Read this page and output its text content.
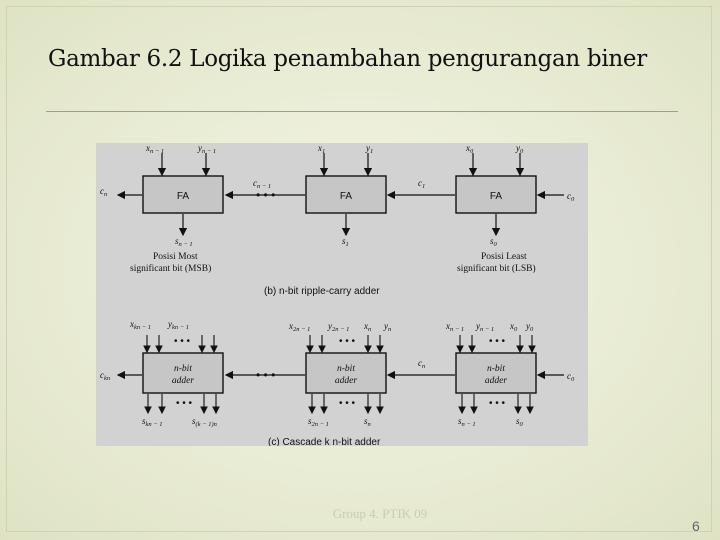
Gambar 6.2 Logika penambahan pengurangan biner
FA	FA	FA
$x_{n - 1}$	$y_{n - 1}$	$x_1$	$y_1$	$x_0$	$y_0$
$c_n$
$c_{n - 1}$
• • •
$c_1$
$c_0$
$s_{n - 1}$	$s_1$	$s_0$
Posisi Most
significant bit (MSB)
Posisi Least
significant bit (LSB)
(b) n-bit ripple-carry adder
n-bit
adder
n-bit
adder
n-bit
adder
$x_{kn - 1}$ $y_{kn - 1}$	$x_{2n - 1}$ $y_{2n - 1}$ $x_n$ $y_n$	$x_{n - 1}$ $y_{n - 1}$ $x_0$ $y_0$
• • •	• • •	• • •
$c_{kn}$	• • •
$c_n$
$c_0$
• • •	• • •	• • •
$s_{kn - 1}$	$s_{(k - 1)n}$	$s_{2n - 1}$	$s_n$	$s_{n - 1}$	$s_0$
(c) Cascade k n-bit adder
Group 4. PTIK 09
6
